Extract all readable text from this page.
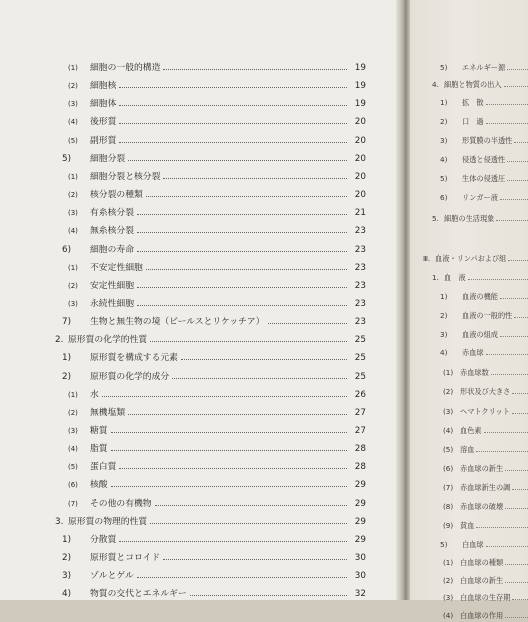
(1) 細胞の一般的構造	19
(2) 細胞核	19
(3) 細胞体	19
(4) 後形質	20
(5) 副形質	20
5) 細胞分裂	20
(1) 細胞分裂と核分裂	20
(2) 核分裂の種類	20
(3) 有糸核分裂	21
(4) 無糸核分裂	23
6) 細胞の寿命	23
(1) 不安定性細胞	23
(2) 安定性細胞	23
(3) 永続性細胞	23
7) 生物と無生物の境（ビールスとリケッチア）	23
2. 原形質の化学的性質	25
1) 原形質を構成する元素	25
2) 原形質の化学的成分	25
(1) 水	26
(2) 無機塩類	27
(3) 糖質	27
(4) 脂質	28
(5) 蛋白質	28
(6) 核酸	29
(7) その他の有機物	29
3. 原形質の物理的性質	29
1) 分散質	29
2) 原形質とコロイド	30
3) ゾルとゲル	30
4) 物質の交代とエネルギー	32
5) エネルギー源
4. 細胞と物質の出入
1) 拡　散
2) 口　過
3) 形質膜の半透性
4) 侵透と侵透性
5) 生体の侵透圧
6) リンガー液
5. 細胞の生活現象
Ⅲ. 血液・リンパおよび組
1. 血　液
1) 血液の機能
2) 血液の一般的性
3) 血液の組成
4) 赤血球
(1) 赤血球数
(2) 形状及び大きさ
(3) ヘマトクリット
(4) 血色素
(5) 溶血
(6) 赤血球の新生
(7) 赤血球新生の調
(8) 赤血球の破壊
(9) 貧血
5) 白血球
(1) 白血球の種類
(2) 白血球の新生
(3) 白血球の生存期
(4) 白血球の作用
